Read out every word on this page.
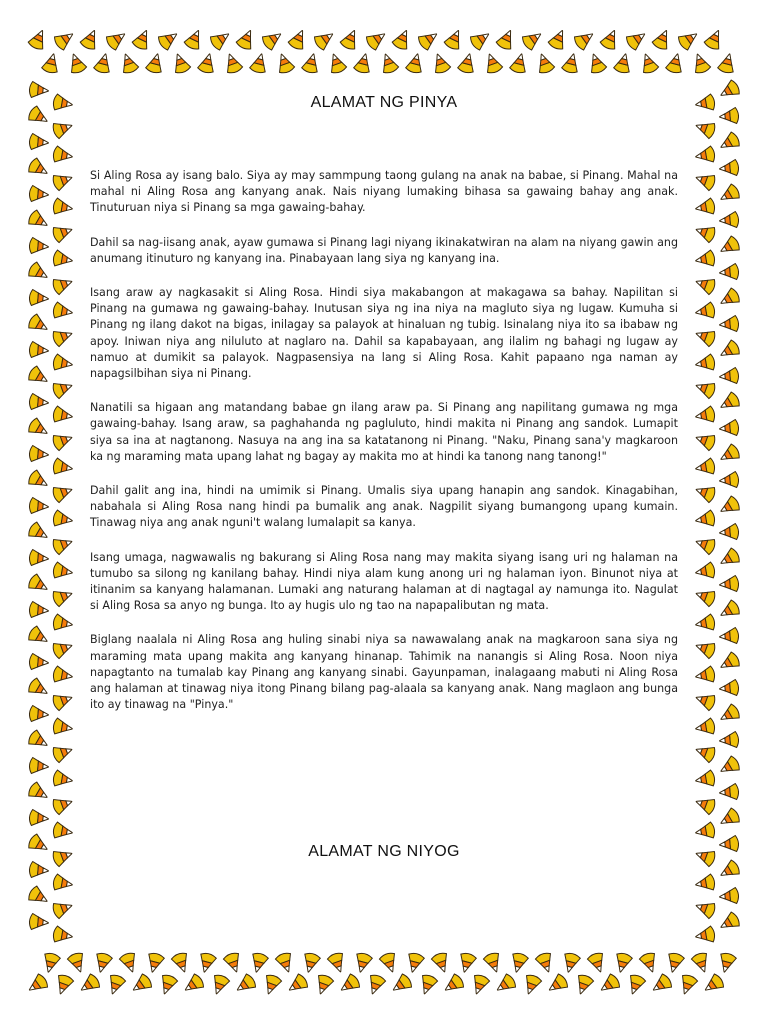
ALAMAT NG PINYA

Si Aling Rosa ay isang balo. Siya ay may sammpung taong gulang na anak na babae, si Pinang. Mahal na mahal ni Aling Rosa ang kanyang anak. Nais niyang lumaking bihasa sa gawaing bahay ang anak. Tinuturuan niya si Pinang sa mga gawaing-bahay.

Dahil sa nag-iisang anak, ayaw gumawa si Pinang lagi niyang ikinakatwiran na alam na niyang gawin ang anumang itinuturo ng kanyang ina. Pinabayaan lang siya ng kanyang ina.

Isang araw ay nagkasakit si Aling Rosa. Hindi siya makabangon at makagawa sa bahay. Napilitan si Pinang na gumawa ng gawaing-bahay. Inutusan siya ng ina niya na magluto siya ng lugaw. Kumuha si Pinang ng ilang dakot na bigas, inilagay sa palayok at hinaluan ng tubig. Isinalang niya ito sa ibabaw ng apoy. Iniwan niya ang niluluto at naglaro na. Dahil sa kapabayaan, ang ilalim ng bahagi ng lugaw ay namuo at dumikit sa palayok. Nagpasensiya na lang si Aling Rosa. Kahit papaano nga naman ay napagsilbihan siya ni Pinang.

Nanatili sa higaan ang matandang babae gn ilang araw pa. Si Pinang ang napilitang gumawa ng mga gawaing-bahay. Isang araw, sa paghahanda ng pagluluto, hindi makita ni Pinang ang sandok. Lumapit siya sa ina at nagtanong. Nasuya na ang ina sa katatanong ni Pinang. "Naku, Pinang sana'y magkaroon ka ng maraming mata upang lahat ng bagay ay makita mo at hindi ka tanong nang tanong!"

Dahil galit ang ina, hindi na umimik si Pinang. Umalis siya upang hanapin ang sandok. Kinagabihan, nabahala si Aling Rosa nang hindi pa bumalik ang anak. Nagpilit siyang bumangong upang kumain. Tinawag niya ang anak nguni't walang lumalapit sa kanya.

Isang umaga, nagwawalis ng bakurang si Aling Rosa nang may makita siyang isang uri ng halaman na tumubo sa silong ng kanilang bahay. Hindi niya alam kung anong uri ng halaman iyon. Binunot niya at itinanim sa kanyang halamanan. Lumaki ang naturang halaman at di nagtagal ay namunga ito. Nagulat si Aling Rosa sa anyo ng bunga. Ito ay hugis ulo ng tao na napapalibutan ng mata.

Biglang naalala ni Aling Rosa ang huling sinabi niya sa nawawalang anak na magkaroon sana siya ng maraming mata upang makita ang kanyang hinanap. Tahimik na nanangis si Aling Rosa. Noon niya napagtanto na tumalab kay Pinang ang kanyang sinabi. Gayunpaman, inalagaang mabuti ni Aling Rosa ang halaman at tinawag niya itong Pinang bilang pag-alaala sa kanyang anak. Nang maglaon ang bunga ito ay tinawag na "Pinya."

ALAMAT NG NIYOG
